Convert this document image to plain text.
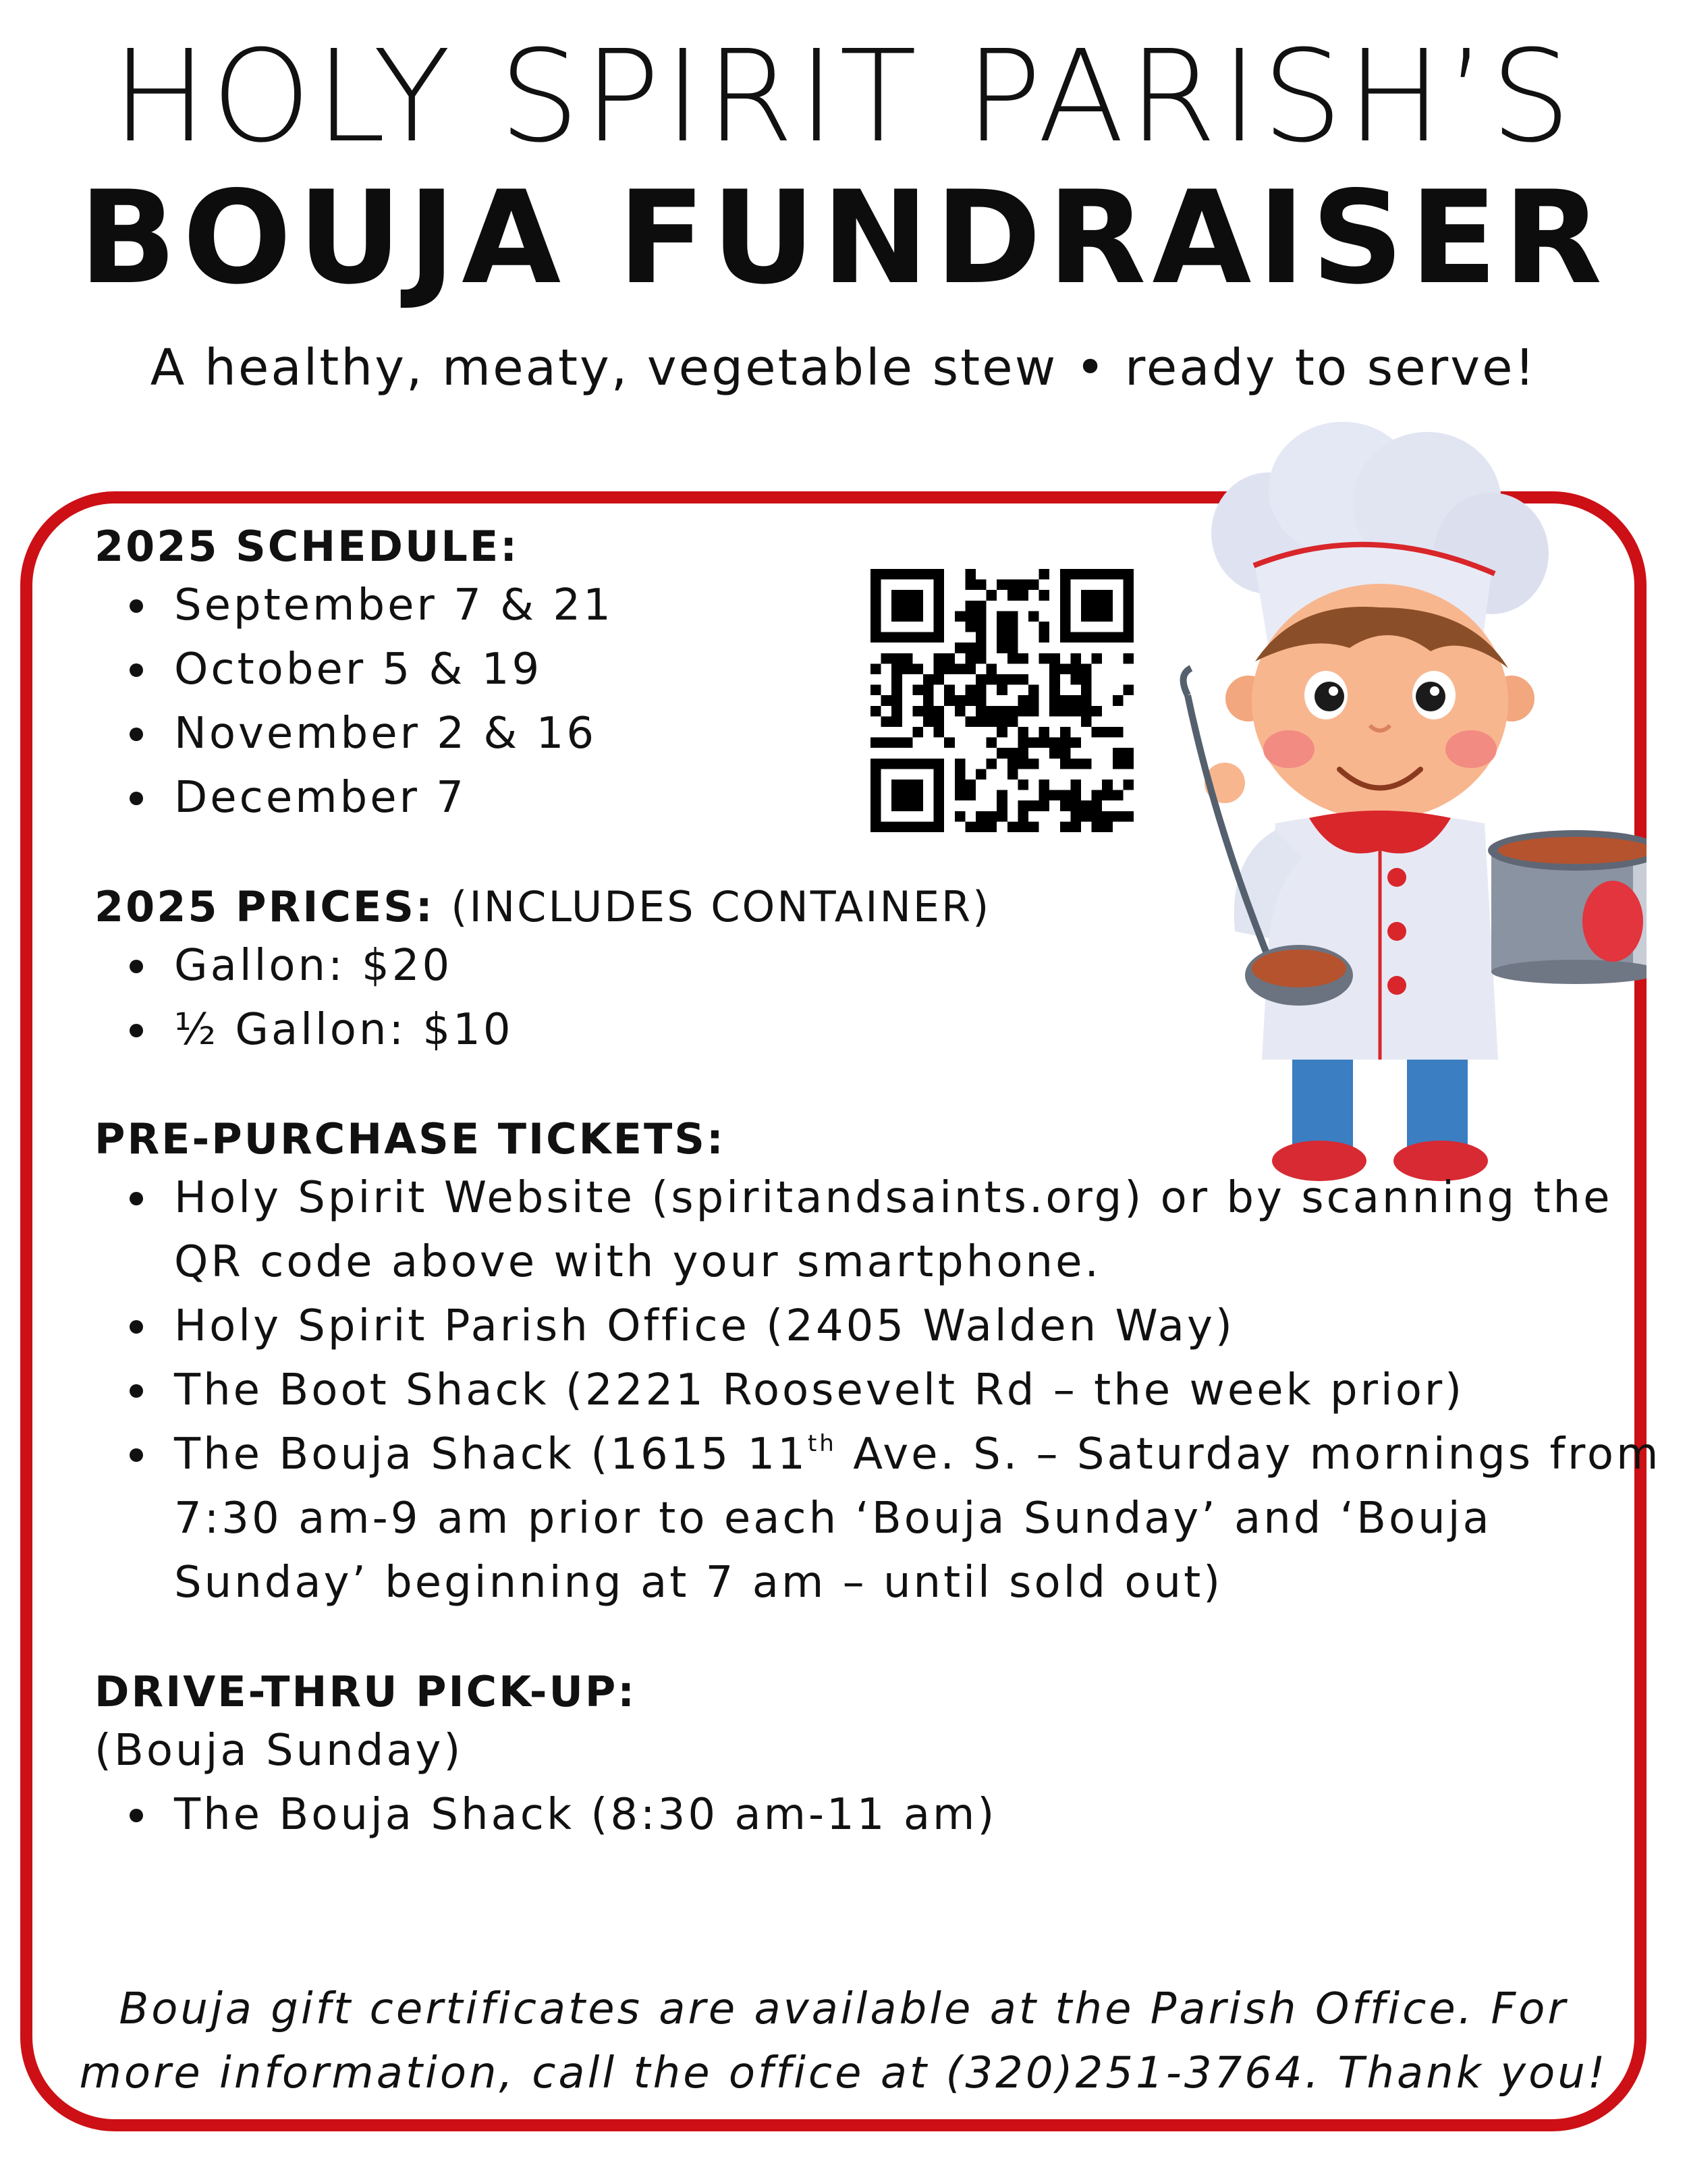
HOLY SPIRIT PARISH’S
BOUJA FUNDRAISER
A healthy, meaty, vegetable stew • ready to serve!

2025 SCHEDULE:

September 7 & 21
October 5 & 19
November 2 & 16
December 7

2025 PRICES: (INCLUDES CONTAINER)

Gallon: $20
½ Gallon: $10

PRE-PURCHASE TICKETS:

Holy Spirit Website (spiritandsaints.org) or by scanning the
QR code above with your smartphone.
Holy Spirit Parish Office (2405 Walden Way)
The Boot Shack (2221 Roosevelt Rd – the week prior)
The Bouja Shack (1615 11th Ave. S. – Saturday mornings from
7:30 am-9 am prior to each ‘Bouja Sunday’ and ‘Bouja
Sunday’ beginning at 7 am – until sold out)

DRIVE-THRU PICK-UP:

(Bouja Sunday)

The Bouja Shack (8:30 am-11 am)
Bouja gift certificates are available at the Parish Office. For
more information, call the office at (320)251-3764. Thank you!
